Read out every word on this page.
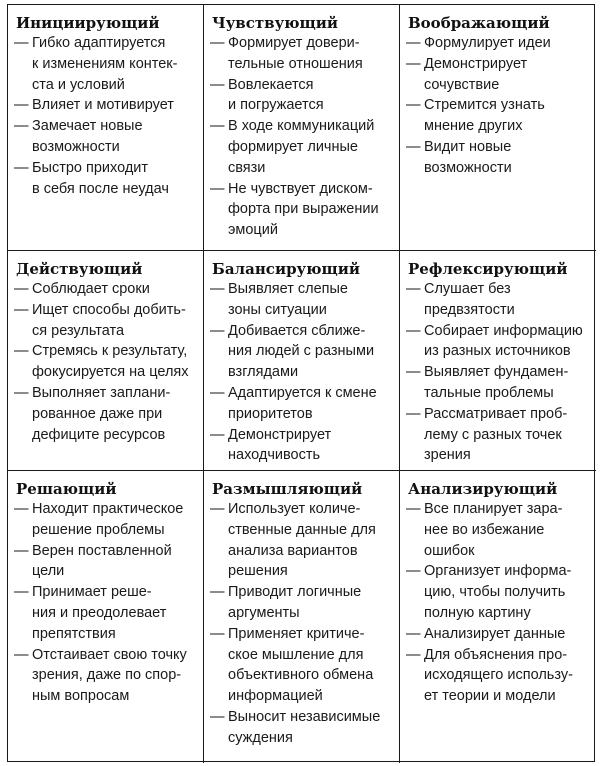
Инициирующий
— Гибко адаптируется
к изменениям контек-
ста и условий
— Влияет и мотивирует
— Замечает новые
возможности
— Быстро приходит
в себя после неудач
Чувствующий
— Формирует довери-
тельные отношения
— Вовлекается
и погружается
— В ходе коммуникаций
формирует личные
связи
— Не чувствует диском-
форта при выражении
эмоций
Воображающий
— Формулирует идеи
— Демонстрирует
сочувствие
— Стремится узнать
мнение других
— Видит новые
возможности
Действующий
— Соблюдает сроки
— Ищет способы добить-
ся результата
— Стремясь к результату,
фокусируется на целях
— Выполняет заплани-
рованное даже при
дефиците ресурсов
Балансирующий
— Выявляет слепые
зоны ситуации
— Добивается сближе-
ния людей с разными
взглядами
— Адаптируется к смене
приоритетов
— Демонстрирует
находчивость
Рефлексирующий
— Слушает без
предвзятости
— Собирает информацию
из разных источников
— Выявляет фундамен-
тальные проблемы
— Рассматривает проб-
лему с разных точек
зрения
Решающий
— Находит практическое
решение проблемы
— Верен поставленной
цели
— Принимает реше-
ния и преодолевает
препятствия
— Отстаивает свою точку
зрения, даже по спор-
ным вопросам
Размышляющий
— Использует количе-
ственные данные для
анализа вариантов
решения
— Приводит логичные
аргументы
— Применяет критиче-
ское мышление для
объективного обмена
информацией
— Выносит независимые
суждения
Анализирующий
— Все планирует зара-
нее во избежание
ошибок
— Организует информа-
цию, чтобы получить
полную картину
— Анализирует данные
— Для объяснения про-
исходящего использу-
ет теории и модели
